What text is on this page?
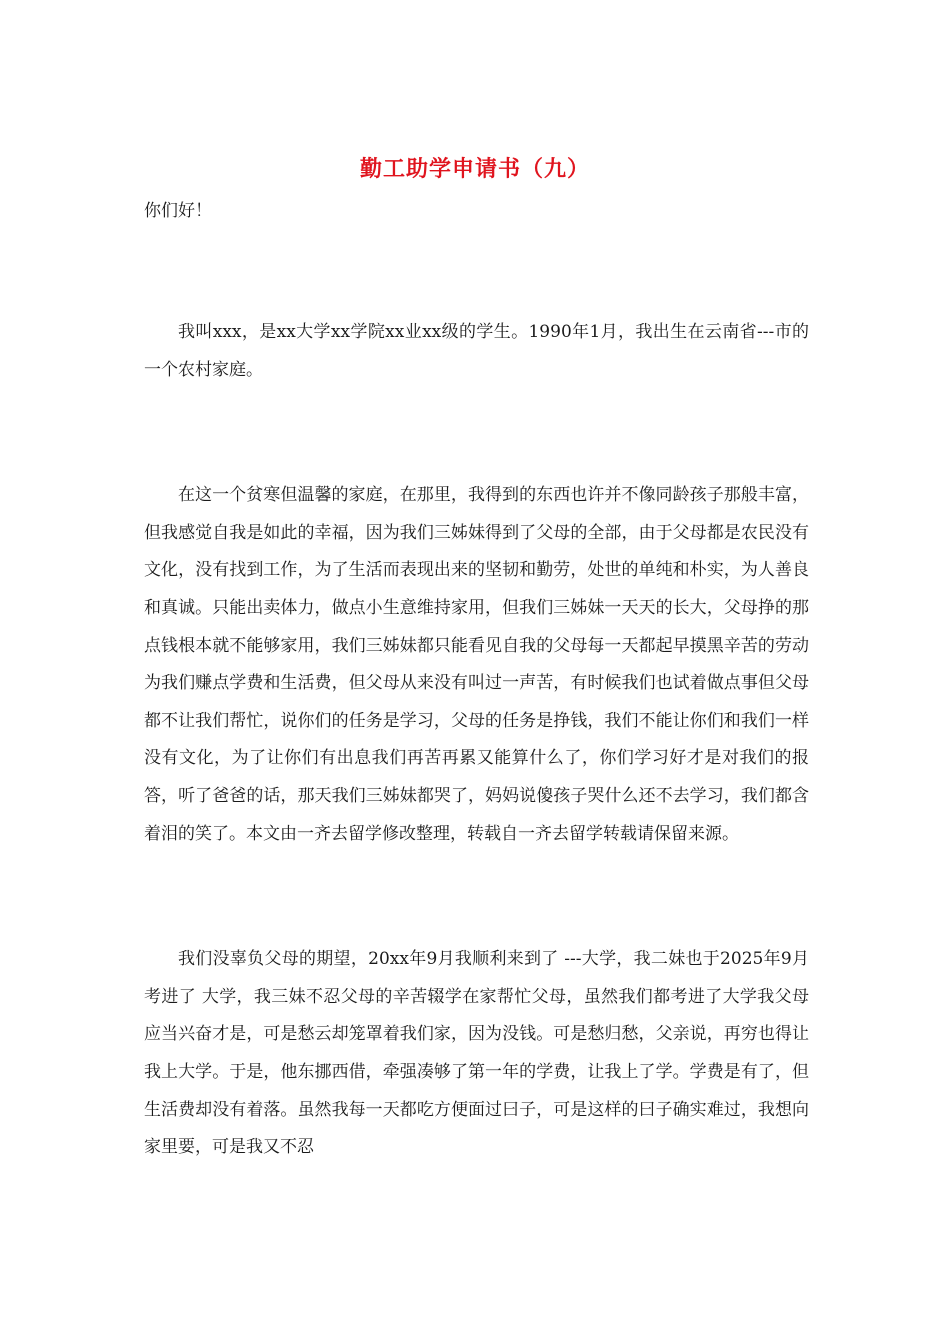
勤工助学申请书（九）

你们好！

我叫xxx，是xx大学xx学院xx业xx级的学生。1990年1月，我出生在云南省---市的一个农村家庭。

在这一个贫寒但温馨的家庭，在那里，我得到的东西也许并不像同龄孩子那般丰富，但我感觉自我是如此的幸福，因为我们三姊妹得到了父母的全部，由于父母都是农民没有文化，没有找到工作，为了生活而表现出来的坚韧和勤劳，处世的单纯和朴实，为人善良和真诚。只能出卖体力，做点小生意维持家用，但我们三姊妹一天天的长大，父母挣的那点钱根本就不能够家用，我们三姊妹都只能看见自我的父母每一天都起早摸黑辛苦的劳动为我们赚点学费和生活费，但父母从来没有叫过一声苦，有时候我们也试着做点事但父母都不让我们帮忙，说你们的任务是学习，父母的任务是挣钱，我们不能让你们和我们一样没有文化，为了让你们有出息我们再苦再累又能算什么了，你们学习好才是对我们的报答，听了爸爸的话，那天我们三姊妹都哭了，妈妈说傻孩子哭什么还不去学习，我们都含着泪的笑了。本文由一齐去留学修改整理，转载自一齐去留学转载请保留来源。

我们没辜负父母的期望，20xx年9月我顺利来到了 ---大学，我二妹也于2025年9月考进了 大学，我三妹不忍父母的辛苦辍学在家帮忙父母，虽然我们都考进了大学我父母应当兴奋才是，可是愁云却笼罩着我们家，因为没钱。可是愁归愁，父亲说，再穷也得让我上大学。于是，他东挪西借，牵强凑够了第一年的学费，让我上了学。学费是有了，但生活费却没有着落。虽然我每一天都吃方便面过曰子，可是这样的曰子确实难过，我想向家里要，可是我又不忍
